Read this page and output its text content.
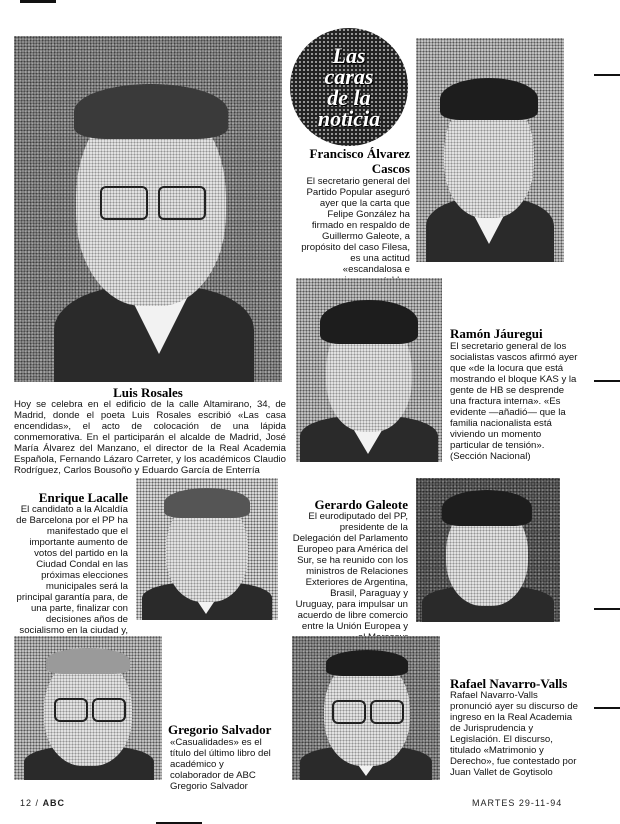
Luis Rosales
Hoy se celebra en el edificio de la calle Altamirano, 34, de Madrid, donde el poeta Luis Rosales escribió «Las casa encendidas», el acto de colocación de una lápida conmemorativa. En el participarán el alcalde de Madrid, José María Álvarez del Manzano, el director de la Real Academia Española, Fernando Lázaro Carreter, y los académicos Claudio Rodríguez, Carlos Bousoño y Eduardo García de Enterría
Las
caras
de la
noticia
Francisco Álvarez Cascos
El secretario general del Partido Popular aseguró ayer que la carta que Felipe González ha firmado en respaldo de Guillermo Galeote, a propósito del caso Filesa, es una actitud «escandalosa e
Ramón Jáuregui
El secretario general de los socialistas vascos afirmó ayer que «de la locura que está mostrando el bloque KAS y la gente de HB se desprende una fractura interna». «Es evidente —añadió— que la familia nacionalista está viviendo un momento particular de tensión». (Sección Nacional)
Enrique Lacalle
El candidato a la Alcaldía de Barcelona por el PP ha manifestado que el importante aumento de votos del partido en la Ciudad Condal en las próximas elecciones municipales será la principal garantía para, de una parte, finalizar con decisiones años de socialismo en la ciudad y,
Gerardo Galeote
El eurodiputado del PP, presidente de la Delegación del Parlamento Europeo para América del Sur, se ha reunido con los ministros de Relaciones Exteriores de Argentina, Brasil, Paraguay y Uruguay, para impulsar un acuerdo de libre comercio entre la Unión Europea y
Gregorio Salvador
«Casualidades» es el título del último libro del académico y colaborador de ABC Gregorio Salvador
Rafael Navarro-Valls
Rafael Navarro-Valls pronunció ayer su discurso de ingreso en la Real Academia de Jurisprudencia y Legislación. El discurso, titulado «Matrimonio y Derecho», fue contestado por Juan Vallet de Goytisolo
12 / ABC	MARTES 29-11-94
